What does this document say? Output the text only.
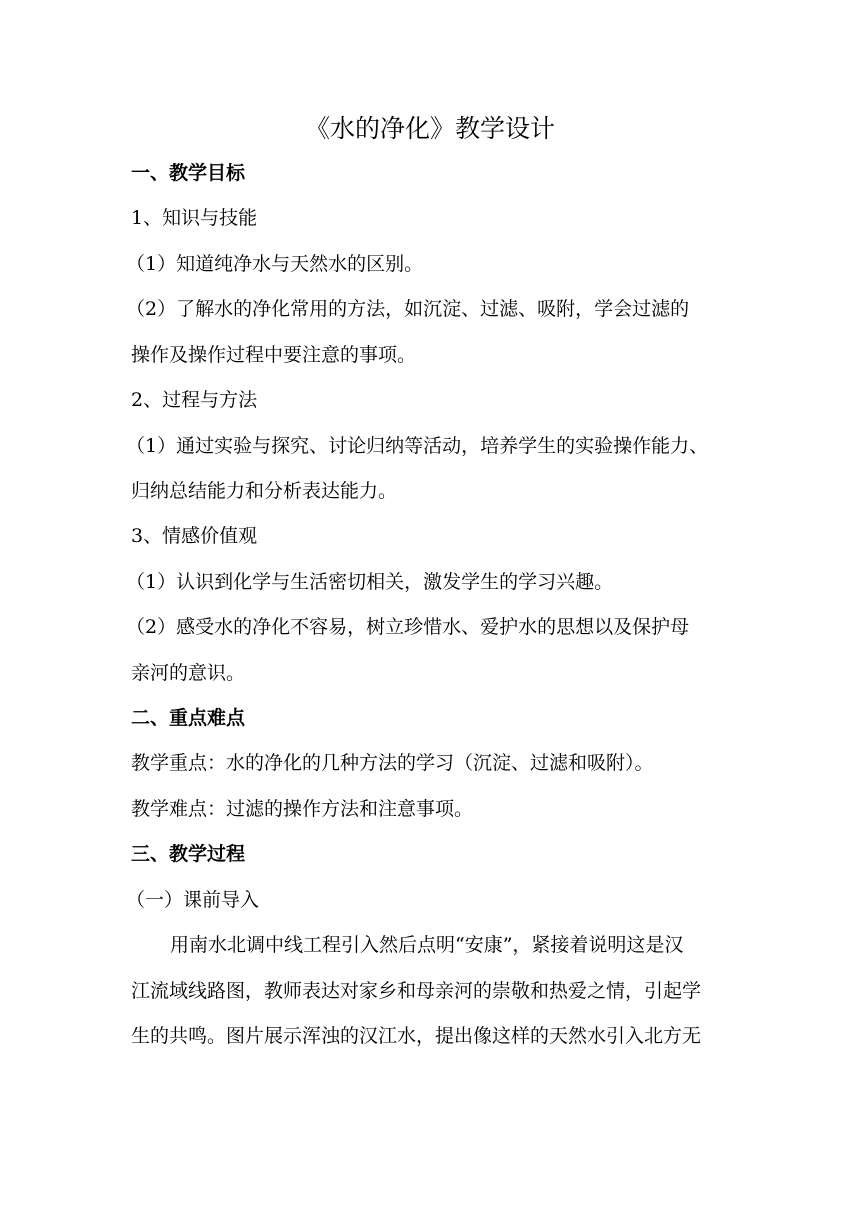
《水的净化》教学设计
一、教学目标
1、知识与技能
（1）知道纯净水与天然水的区别。
（2）了解水的净化常用的方法，如沉淀、过滤、吸附，学会过滤的
操作及操作过程中要注意的事项。
2、过程与方法
（1）通过实验与探究、讨论归纳等活动，培养学生的实验操作能力、
归纳总结能力和分析表达能力。
3、情感价值观
（1）认识到化学与生活密切相关，激发学生的学习兴趣。
（2）感受水的净化不容易，树立珍惜水、爱护水的思想以及保护母
亲河的意识。
二、重点难点
教学重点：水的净化的几种方法的学习（沉淀、过滤和吸附）。
教学难点：过滤的操作方法和注意事项。
三、教学过程
（一）课前导入
用南水北调中线工程引入然后点明“安康”，紧接着说明这是汉
江流域线路图，教师表达对家乡和母亲河的崇敬和热爱之情，引起学
生的共鸣。图片展示浑浊的汉江水，提出像这样的天然水引入北方无
